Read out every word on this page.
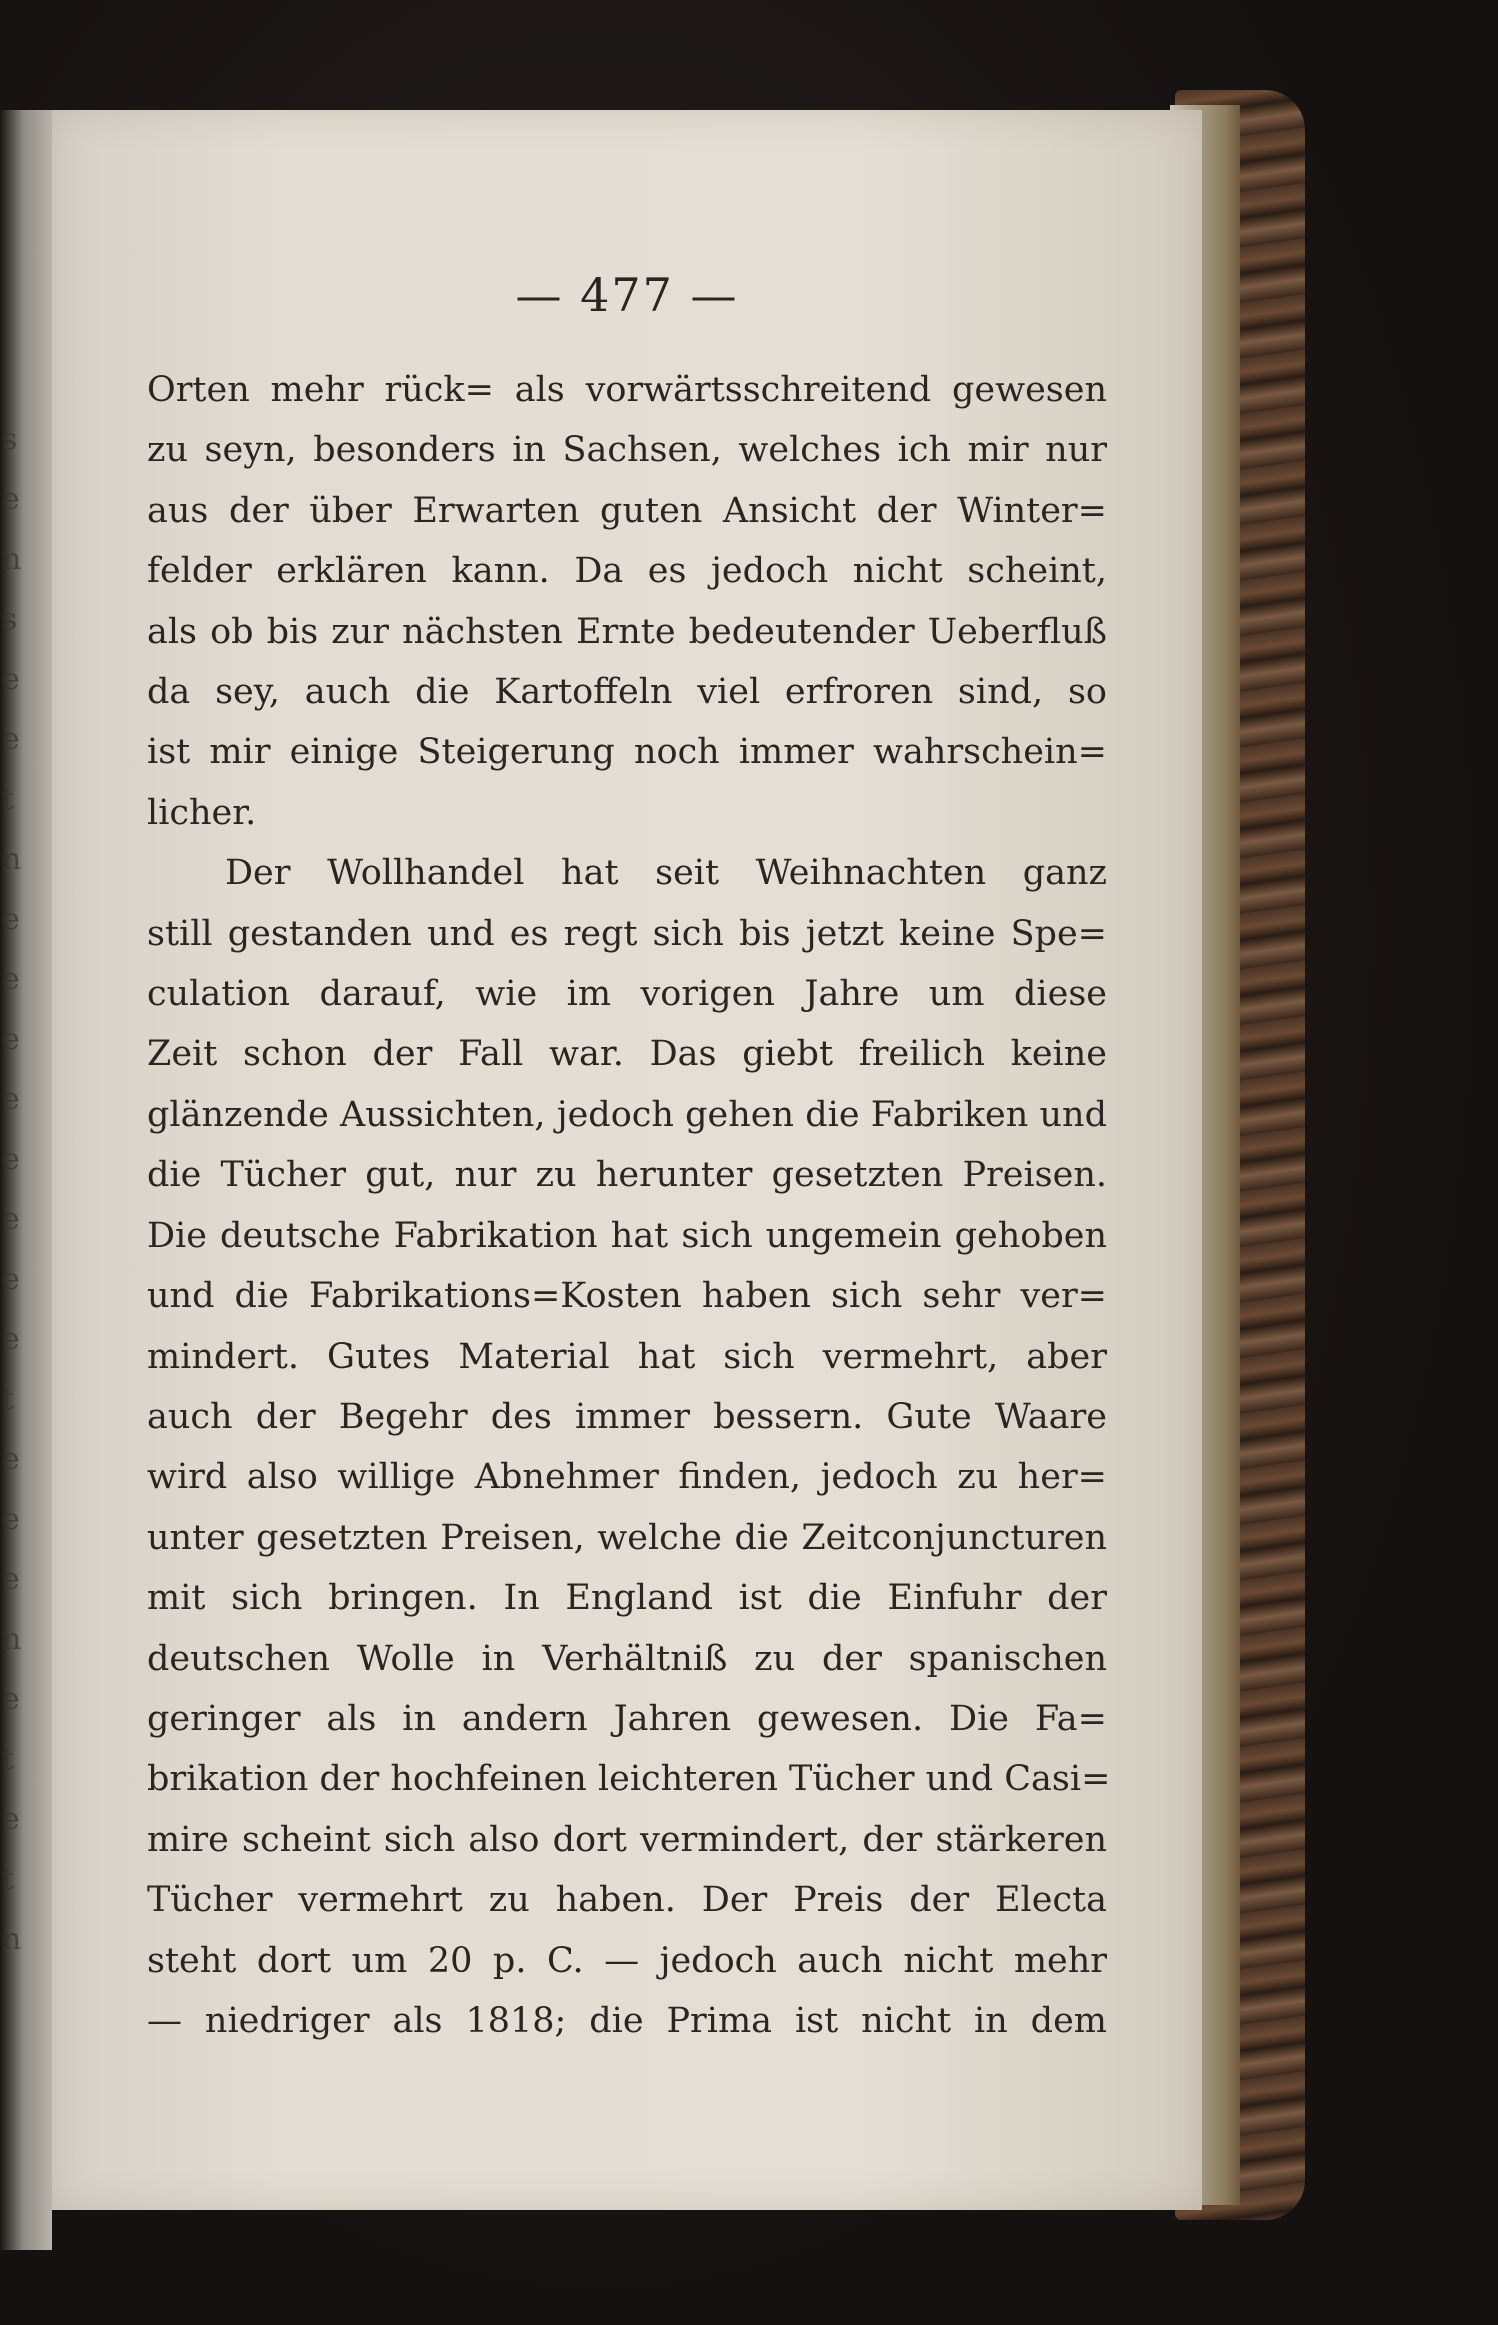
s
e
n
s
e
e
t
n
e
e
e
e
e
e
e
e
t
e
e
e
n
e
t
e
t
n
— 477 —
Orten mehr rück= als vorwärtsschreitend gewesen
zu seyn, besonders in Sachsen, welches ich mir nur
aus der über Erwarten guten Ansicht der Winter=
felder erklären kann. Da es jedoch nicht scheint,
als ob bis zur nächsten Ernte bedeutender Ueberfluß
da sey, auch die Kartoffeln viel erfroren sind, so
ist mir einige Steigerung noch immer wahrschein=
licher.
Der Wollhandel hat seit Weihnachten ganz
still gestanden und es regt sich bis jetzt keine Spe=
culation darauf, wie im vorigen Jahre um diese
Zeit schon der Fall war. Das giebt freilich keine
glänzende Aussichten, jedoch gehen die Fabriken und
die Tücher gut, nur zu herunter gesetzten Preisen.
Die deutsche Fabrikation hat sich ungemein gehoben
und die Fabrikations=Kosten haben sich sehr ver=
mindert. Gutes Material hat sich vermehrt, aber
auch der Begehr des immer bessern. Gute Waare
wird also willige Abnehmer finden, jedoch zu her=
unter gesetzten Preisen, welche die Zeitconjuncturen
mit sich bringen. In England ist die Einfuhr der
deutschen Wolle in Verhältniß zu der spanischen
geringer als in andern Jahren gewesen. Die Fa=
brikation der hochfeinen leichteren Tücher und Casi=
mire scheint sich also dort vermindert, der stärkeren
Tücher vermehrt zu haben. Der Preis der Electa
steht dort um 20 p. C. — jedoch auch nicht mehr
— niedriger als 1818; die Prima ist nicht in dem
